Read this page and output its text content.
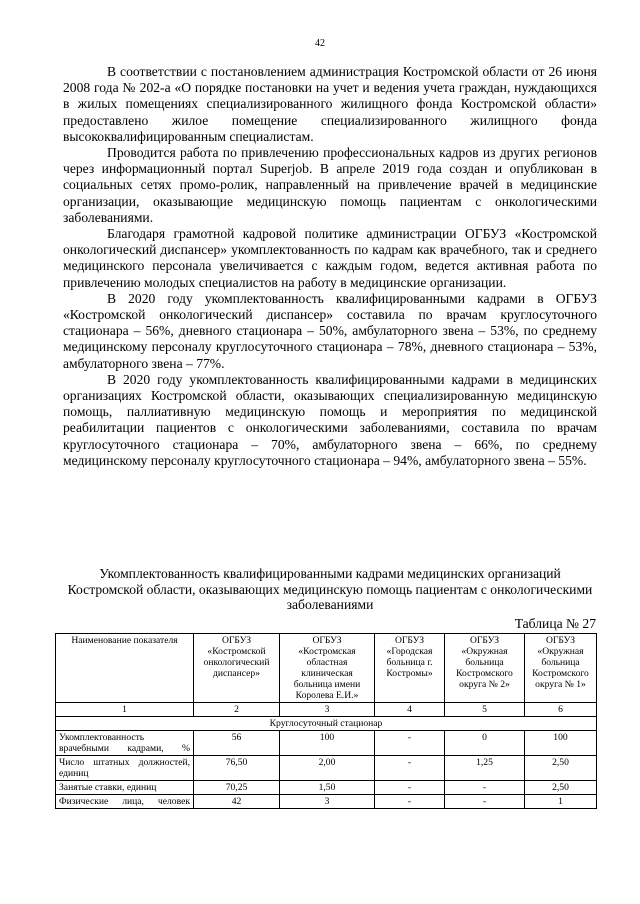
42

В соответствии с постановлением администрация Костромской области от 26 июня 2008 года № 202-а «О порядке постановки на учет и ведения учета граждан, нуждающихся в жилых помещениях специализированного жилищного фонда Костромской области» предоставлено жилое помещение специализированного жилищного фонда высококвалифицированным специалистам.

Проводится работа по привлечению профессиональных кадров из других регионов через информационный портал Superjob. В апреле 2019 года создан и опубликован в социальных сетях промо-ролик, направленный на привлечение врачей в медицинские организации, оказывающие медицинскую помощь пациентам с онкологическими заболеваниями.

Благодаря грамотной кадровой политике администрации ОГБУЗ «Костромской онкологический диспансер» укомплектованность по кадрам как врачебного, так и среднего медицинского персонала увеличивается с каждым годом, ведется активная работа по привлечению молодых специалистов на работу в медицинские организации.

В 2020 году укомплектованность квалифицированными кадрами в ОГБУЗ «Костромской онкологический диспансер» составила по врачам круглосуточного стационара – 56%, дневного стационара – 50%, амбулаторного звена – 53%, по среднему медицинскому персоналу круглосуточного стационара – 78%, дневного стационара – 53%, амбулаторного звена – 77%.

В 2020 году укомплектованность квалифицированными кадрами в медицинских организациях Костромской области, оказывающих специализированную медицинскую помощь, паллиативную медицинскую помощь и мероприятия по медицинской реабилитации пациентов с онкологическими заболеваниями, составила по врачам круглосуточного стационара – 70%, амбулаторного звена – 66%, по среднему медицинскому персоналу круглосуточного стационара – 94%, амбулаторного звена – 55%.

Укомплектованность квалифицированными кадрами медицинских организаций Костромской области, оказывающих медицинскую помощь пациентам с онкологическими заболеваниями
Таблица № 27
Наименование показателя	ОГБУЗ «Костромской онкологический диспансер»	ОГБУЗ «Костромская областная клиническая больница имени Королева Е.И.»	ОГБУЗ «Городская больница г. Костромы»	ОГБУЗ «Окружная больница Костромского округа № 2»	ОГБУЗ «Окружная больница Костромского округа № 1»
1	2	3	4	5	6
Круглосуточный стационар					
Укомплектованность врачебными кадрами, %	56	100	-	0	100
Число штатных должностей, единиц	76,50	2,00	-	1,25	2,50
Занятые ставки, единиц	70,25	1,50	-	-	2,50
Физические лица, человек	42	3	-	-	1
